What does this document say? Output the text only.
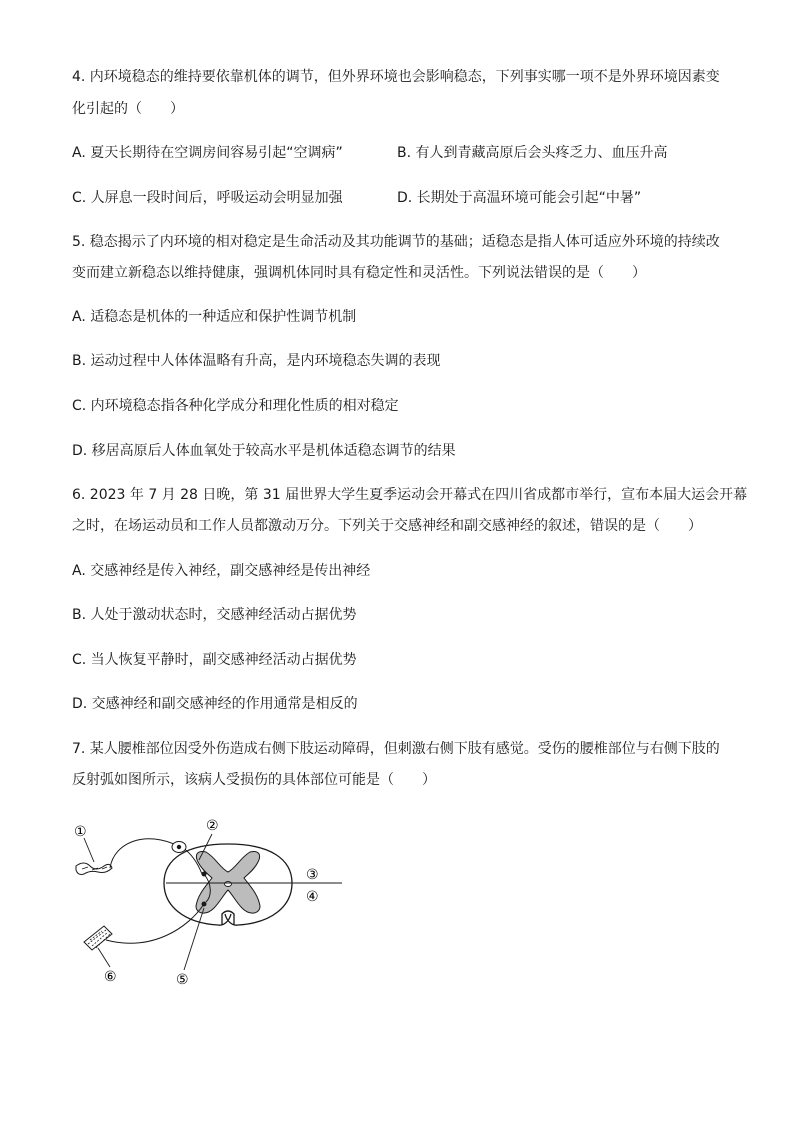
4. 内环境稳态的维持要依靠机体的调节，但外界环境也会影响稳态，下列事实哪一项不是外界环境因素变
化引起的（　　）
A. 夏天长期待在空调房间容易引起“空调病”	B. 有人到青藏高原后会头疼乏力、血压升高
C. 人屏息一段时间后，呼吸运动会明显加强	D. 长期处于高温环境可能会引起“中暑”
5. 稳态揭示了内环境的相对稳定是生命活动及其功能调节的基础；适稳态是指人体可适应外环境的持续改
变而建立新稳态以维持健康，强调机体同时具有稳定性和灵活性。下列说法错误的是（　　）
A. 适稳态是机体的一种适应和保护性调节机制
B. 运动过程中人体体温略有升高，是内环境稳态失调的表现
C. 内环境稳态指各种化学成分和理化性质的相对稳定
D. 移居高原后人体血氧处于较高水平是机体适稳态调节的结果
6. 2023 年 7 月 28 日晚，第 31 届世界大学生夏季运动会开幕式在四川省成都市举行，宣布本届大运会开幕
之时，在场运动员和工作人员都激动万分。下列关于交感神经和副交感神经的叙述，错误的是（　　）
A. 交感神经是传入神经，副交感神经是传出神经
B. 人处于激动状态时，交感神经活动占据优势
C. 当人恢复平静时，副交感神经活动占据优势
D. 交感神经和副交感神经的作用通常是相反的
7. 某人腰椎部位因受外伤造成右侧下肢运动障碍，但刺激右侧下肢有感觉。受伤的腰椎部位与右侧下肢的
反射弧如图所示，该病人受损伤的具体部位可能是（　　）
①	②
③
④
⑤
⑥
